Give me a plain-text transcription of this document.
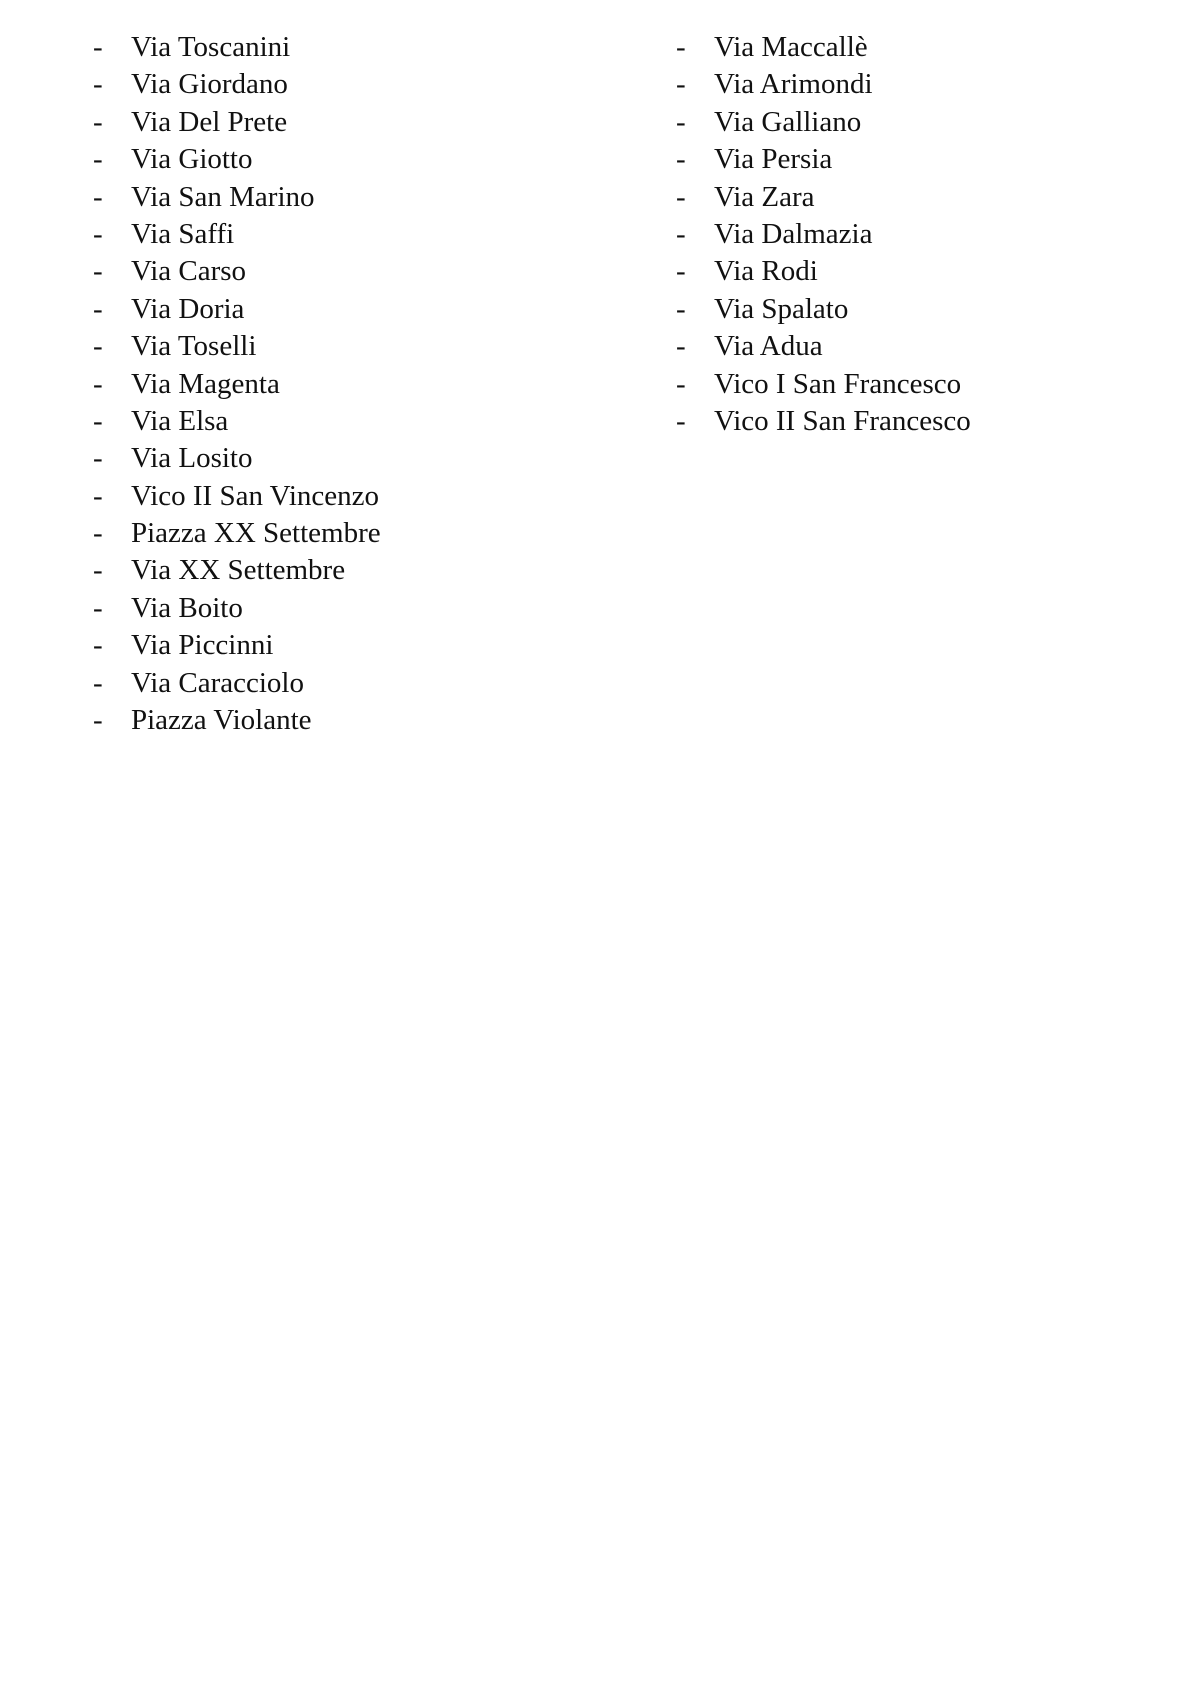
- Via Toscanini
- Via Giordano
- Via Del Prete
- Via Giotto
- Via San Marino
- Via Saffi
- Via Carso
- Via Doria
- Via Toselli
- Via Magenta
- Via Elsa
- Via Losito
- Vico II San Vincenzo
- Piazza XX Settembre
- Via XX Settembre
- Via Boito
- Via Piccinni
- Via Caracciolo
- Piazza Violante
- Via Maccallè
- Via Arimondi
- Via Galliano
- Via Persia
- Via Zara
- Via Dalmazia
- Via Rodi
- Via Spalato
- Via Adua
- Vico I San Francesco
- Vico II San Francesco
